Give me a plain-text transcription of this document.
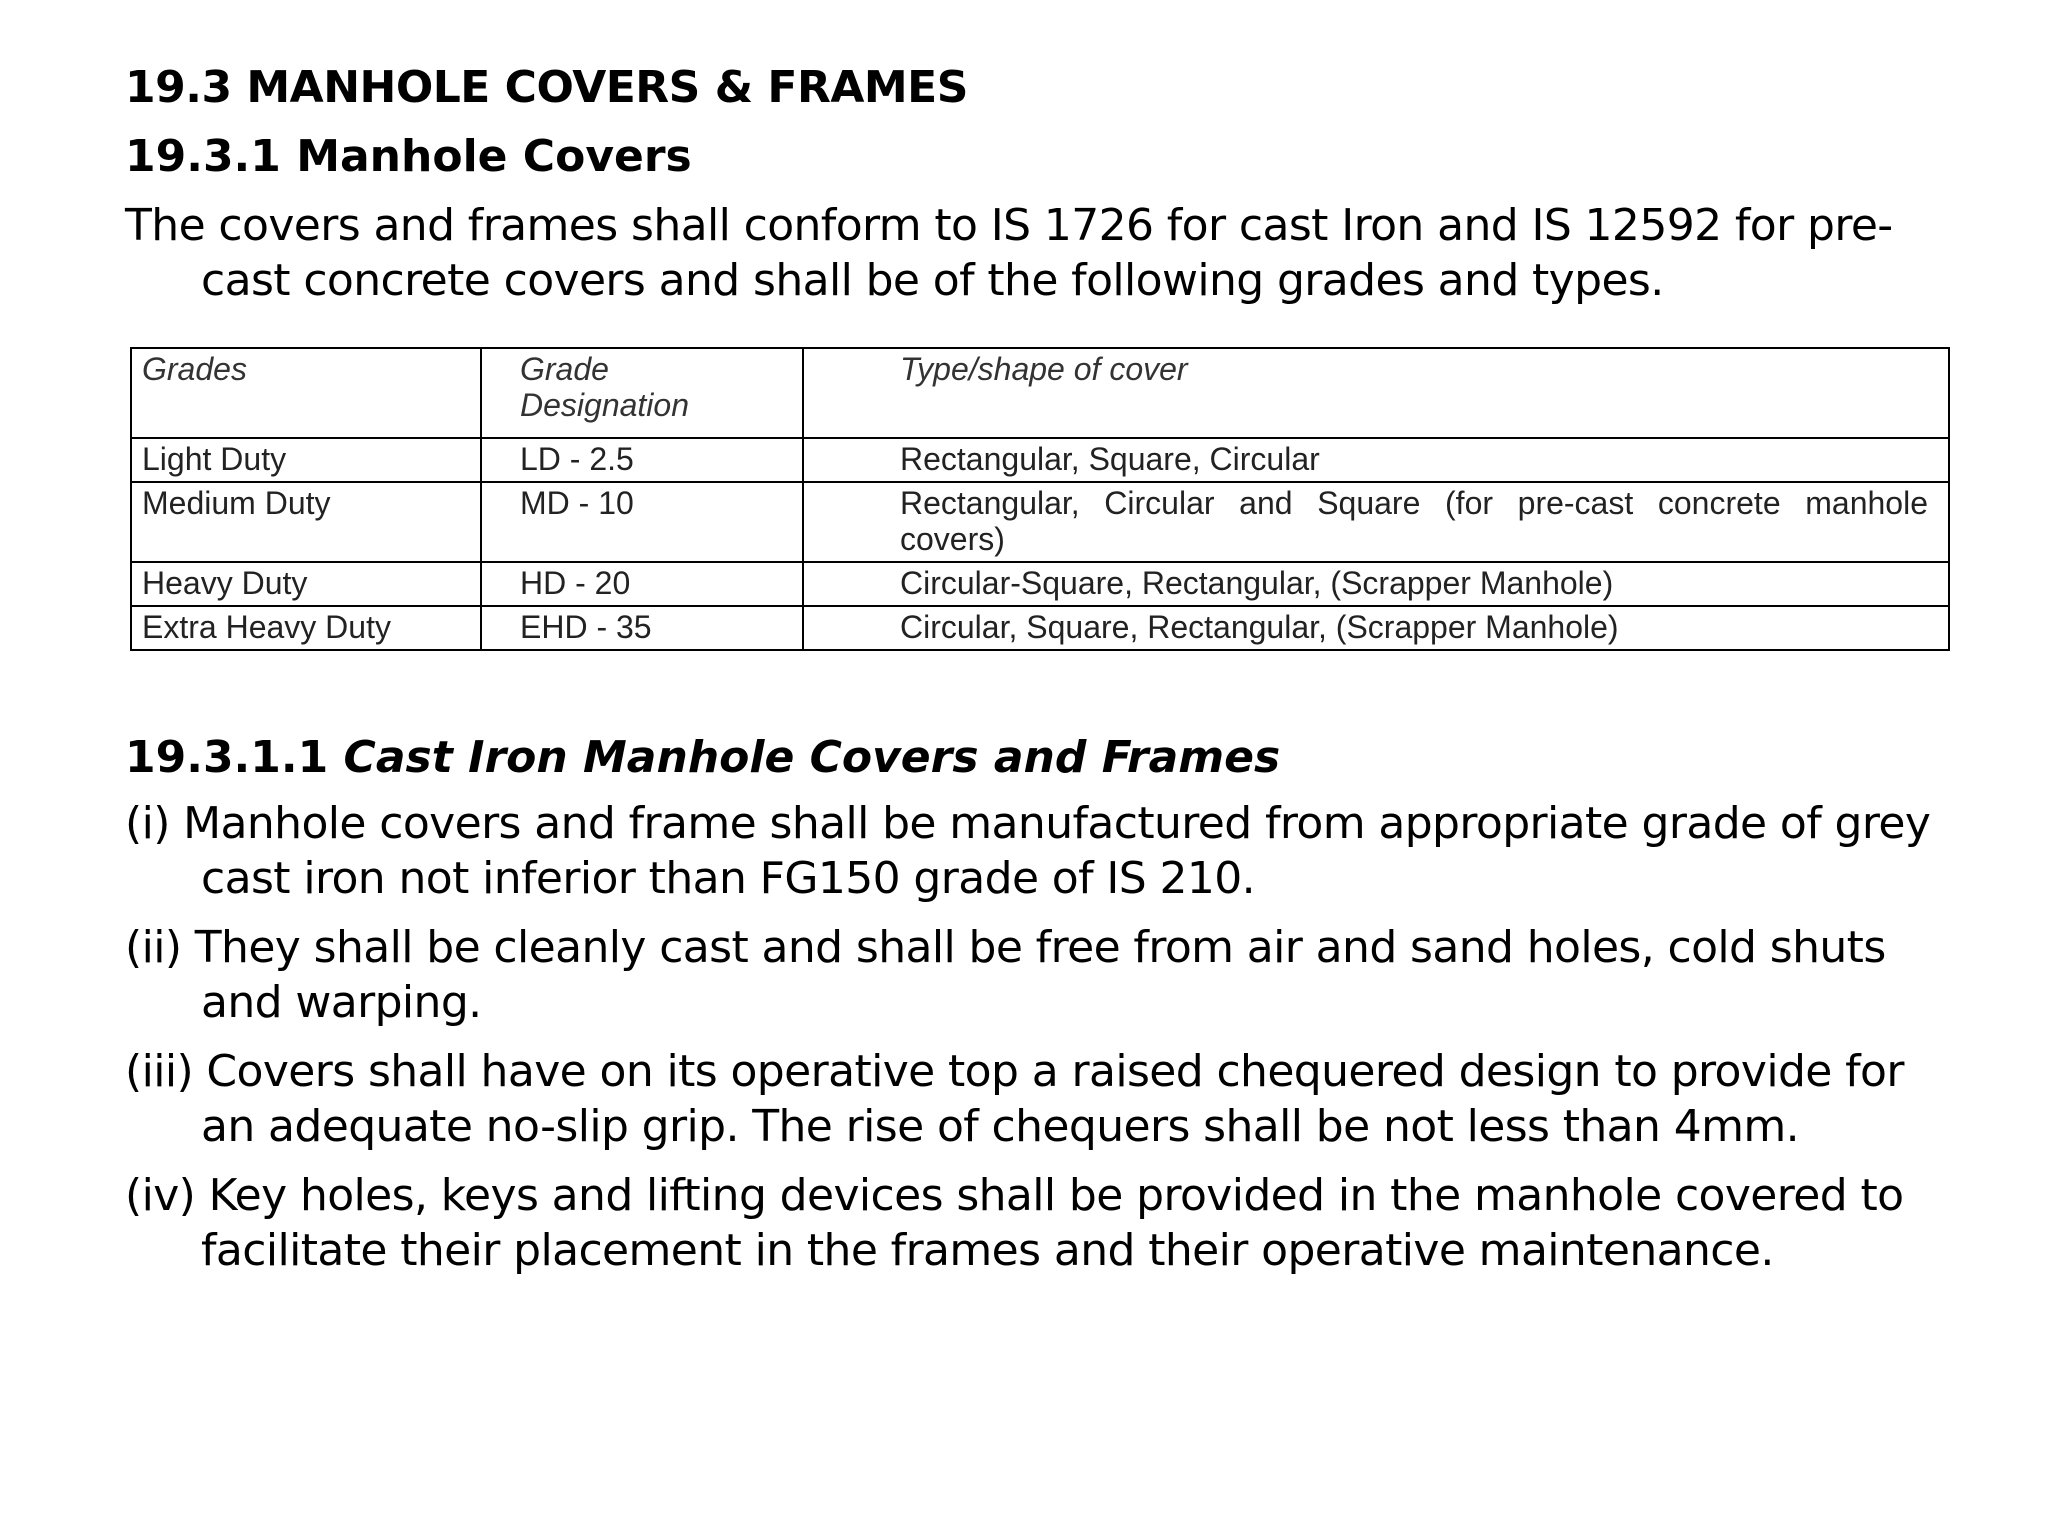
19.3 MANHOLE COVERS & FRAMES
19.3.1 Manhole Covers
The covers and frames shall conform to IS 1726 for cast Iron and IS 12592 for pre-cast concrete covers and shall be of the following grades and types.
Grades	Grade Designation	Type/shape of cover
Light Duty	LD - 2.5	Rectangular, Square, Circular
Medium Duty	MD - 10	Rectangular, Circular and Square (for pre-cast concrete manhole covers)
Heavy Duty	HD - 20	Circular-Square, Rectangular, (Scrapper Manhole)
Extra Heavy Duty	EHD - 35	Circular, Square, Rectangular, (Scrapper Manhole)
19.3.1.1 Cast Iron Manhole Covers and Frames
(i) Manhole covers and frame shall be manufactured from appropriate grade of grey cast iron not inferior than FG150 grade of IS 210.
(ii) They shall be cleanly cast and shall be free from air and sand holes, cold shuts and warping.
(iii) Covers shall have on its operative top a raised chequered design to provide for an adequate no-slip grip. The rise of chequers shall be not less than 4mm.
(iv) Key holes, keys and lifting devices shall be provided in the manhole covered to facilitate their placement in the frames and their operative maintenance.
